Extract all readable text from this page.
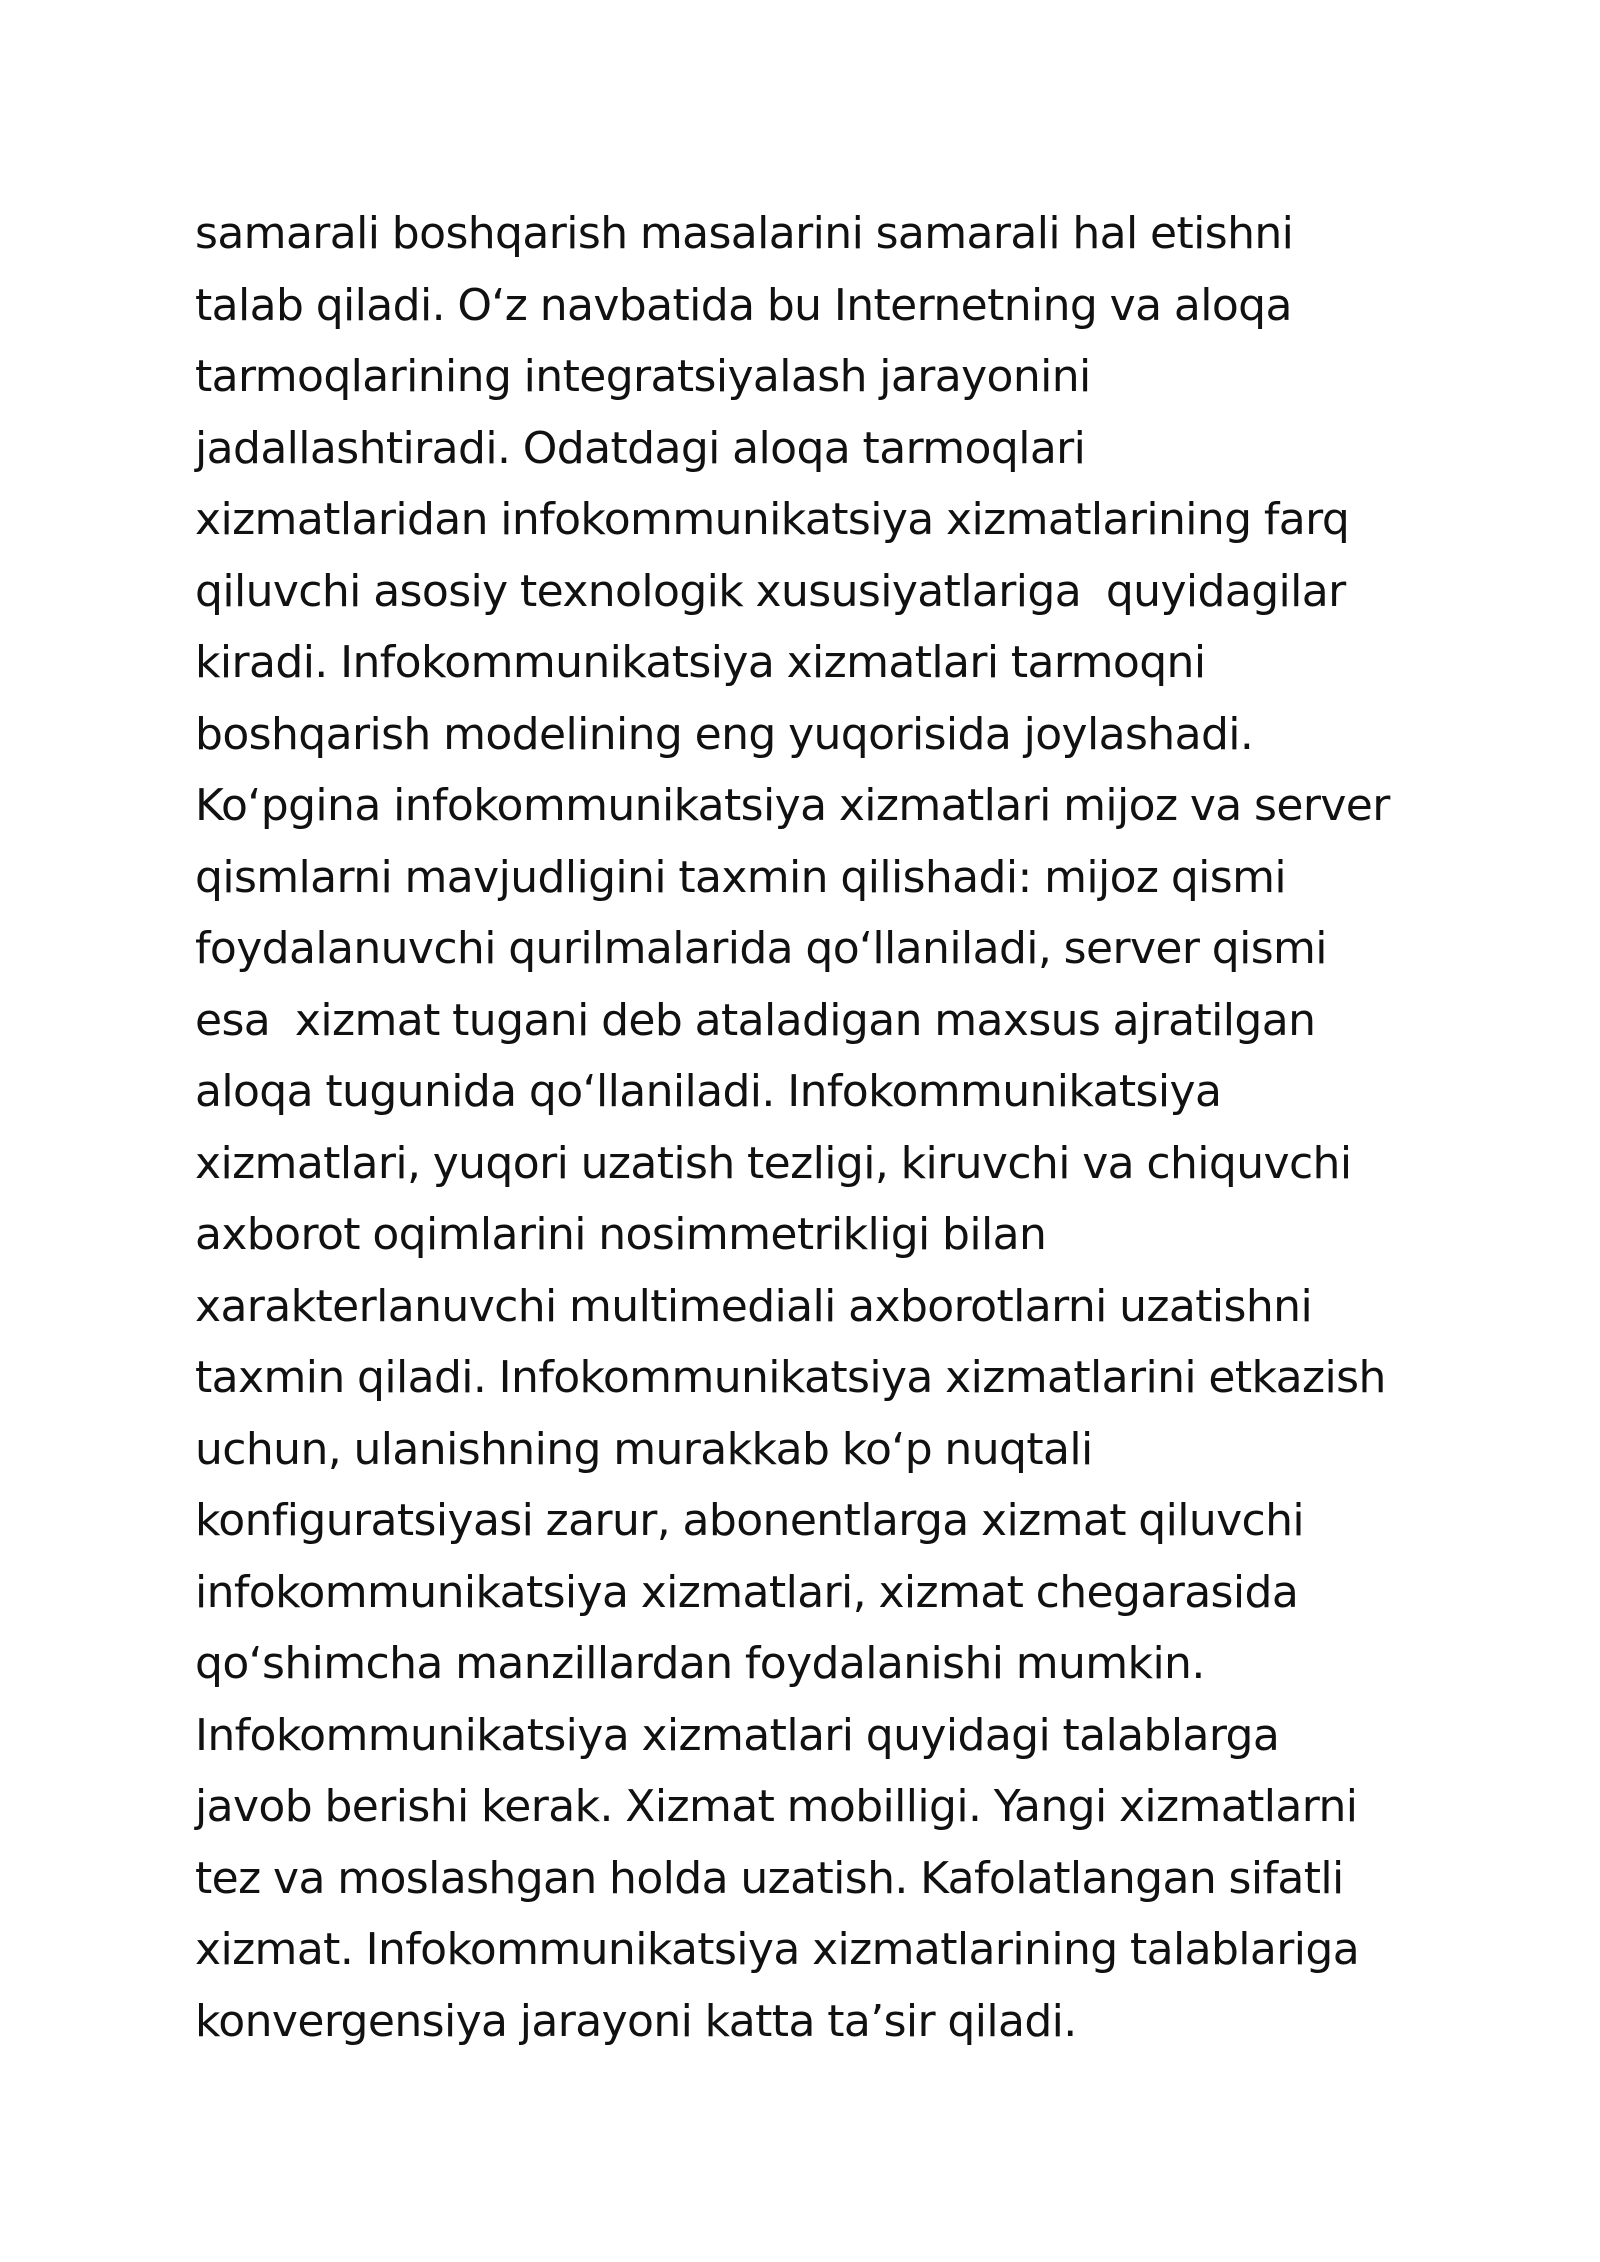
samarali boshqarish masalarini samarali hal etishni
talab qiladi. Oʻz navbatida bu Internetning va aloqa
tarmoqlarining integratsiyalash jarayonini
jadallashtiradi. Odatdagi aloqa tarmoqlari
xizmatlaridan infokommunikatsiya xizmatlarining farq
qiluvchi asosiy texnologik xususiyatlariga  quyidagilar
kiradi. Infokommunikatsiya xizmatlari tarmoqni
boshqarish modelining eng yuqorisida joylashadi.
Koʻpgina infokommunikatsiya xizmatlari mijoz va server
qismlarni mavjudligini taxmin qilishadi: mijoz qismi
foydalanuvchi qurilmalarida qoʻllaniladi, server qismi
esa  xizmat tugani deb ataladigan maxsus ajratilgan
aloqa tugunida qoʻllaniladi. Infokommunikatsiya
xizmatlari, yuqori uzatish tezligi, kiruvchi va chiquvchi
axborot oqimlarini nosimmetrikligi bilan
xarakterlanuvchi multimediali axborotlarni uzatishni
taxmin qiladi. Infokommunikatsiya xizmatlarini etkazish
uchun, ulanishning murakkab koʻp nuqtali
konfiguratsiyasi zarur, abonentlarga xizmat qiluvchi
infokommunikatsiya xizmatlari, xizmat chegarasida
qoʻshimcha manzillardan foydalanishi mumkin.
Infokommunikatsiya xizmatlari quyidagi talablarga
javob berishi kerak. Xizmat mobilligi. Yangi xizmatlarni
tez va moslashgan holda uzatish. Kafolatlangan sifatli
xizmat. Infokommunikatsiya xizmatlarining talablariga
konvergensiya jarayoni katta taʼsir qiladi.
